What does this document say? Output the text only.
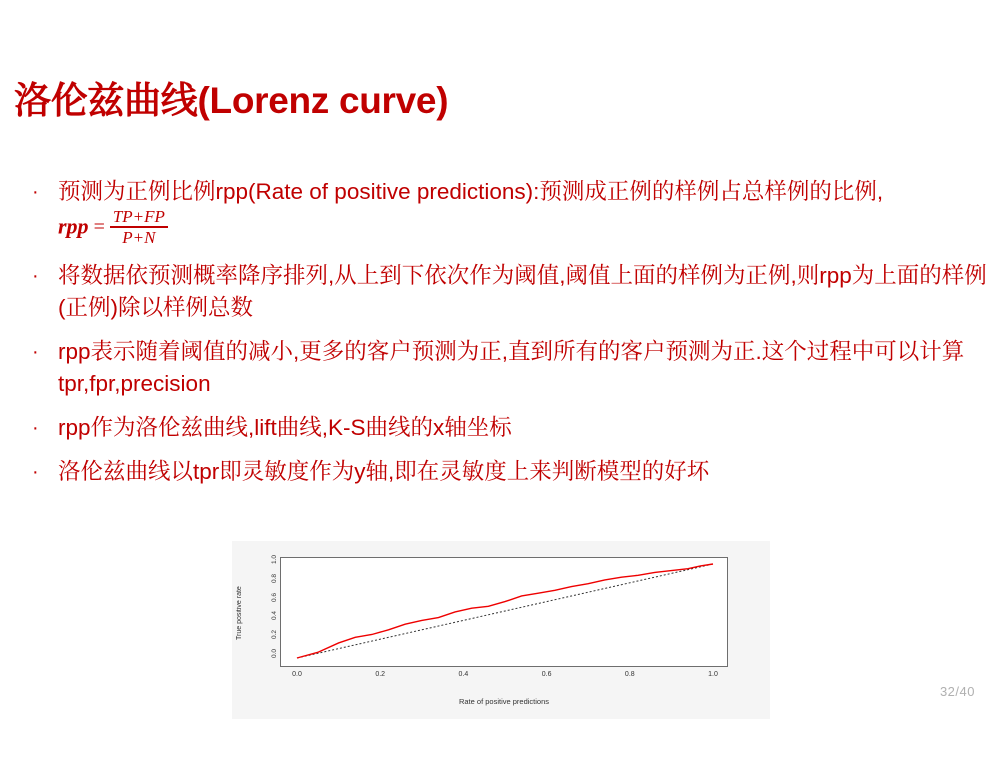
洛伦兹曲线(Lorenz curve)
· 预测为正例比例rpp(Rate of positive predictions):预测成正例的样例占总样例的比例$,rpp = \frac{TP+FP}{P+N}$
· 将数据依预测概率降序排列,从上到下依次作为阈值,阈值上面的样例为正例,则rpp为上面的样例(正例)除以样例总数
· rpp表示随着阈值的减小,更多的客户预测为正,直到所有的客户预测为正.这个过程中可以计算tpr,fpr,precision
· rpp作为洛伦兹曲线,lift曲线,K-S曲线的x轴坐标
· 洛伦兹曲线以tpr即灵敏度作为y轴,即在灵敏度上来判断模型的好坏
True positive rate
0.0
0.2
0.4
0.6
0.8
1.0
0.0	0.2	0.4	0.6	0.8	1.0
Rate of positive predictions
32/40
